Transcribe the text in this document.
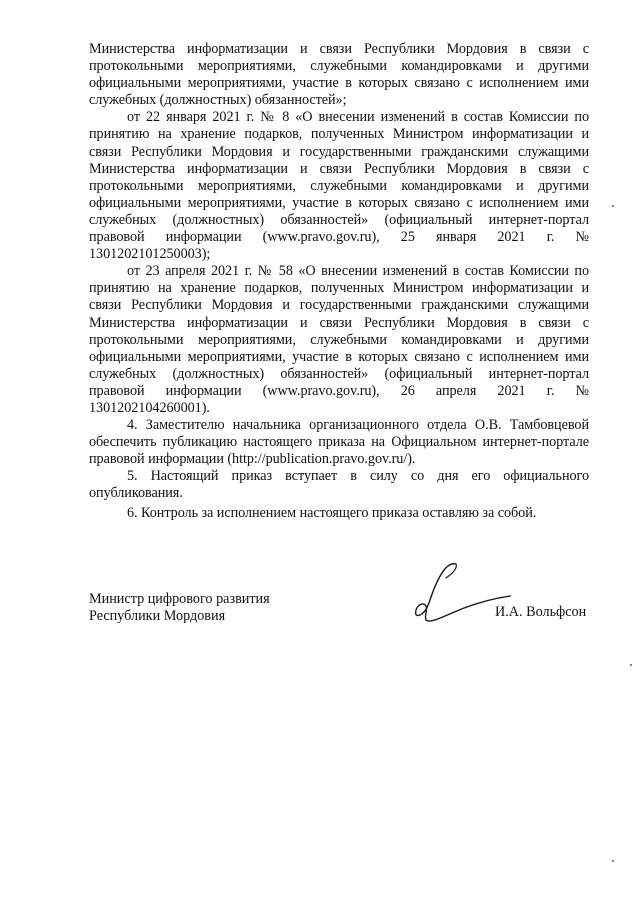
Министерства информатизации и связи Республики Мордовия в связи с протокольными мероприятиями, служебными командировками и другими официальными мероприятиями, участие в которых связано с исполнением ими служебных (должностных) обязанностей»;

от 22 января 2021 г. № 8 «О внесении изменений в состав Комиссии по принятию на хранение подарков, полученных Министром информатизации и связи Республики Мордовия и государственными гражданскими служащими Министерства информатизации и связи Республики Мордовия в связи с протокольными мероприятиями, служебными командировками и другими официальными мероприятиями, участие в которых связано с исполнением ими служебных (должностных) обязанностей» (официальный интернет-портал правовой информации (www.pravo.gov.ru), 25 января 2021 г. № 1301202101250003);

от 23 апреля 2021 г. № 58 «О внесении изменений в состав Комиссии по принятию на хранение подарков, полученных Министром информатизации и связи Республики Мордовия и государственными гражданскими служащими Министерства информатизации и связи Республики Мордовия в связи с протокольными мероприятиями, служебными командировками и другими официальными мероприятиями, участие в которых связано с исполнением ими служебных (должностных) обязанностей» (официальный интернет-портал правовой информации (www.pravo.gov.ru), 26 апреля 2021 г. № 1301202104260001).

4. Заместителю начальника организационного отдела О.В. Тамбовцевой обеспечить публикацию настоящего приказа на Официальном интернет-портале правовой информации (http://publication.pravo.gov.ru/).

5. Настоящий приказ вступает в силу со дня его официального опубликования.

6. Контроль за исполнением настоящего приказа оставляю за собой.

Министр цифрового развития
Республики Мордовия	И.А. Вольфсон
